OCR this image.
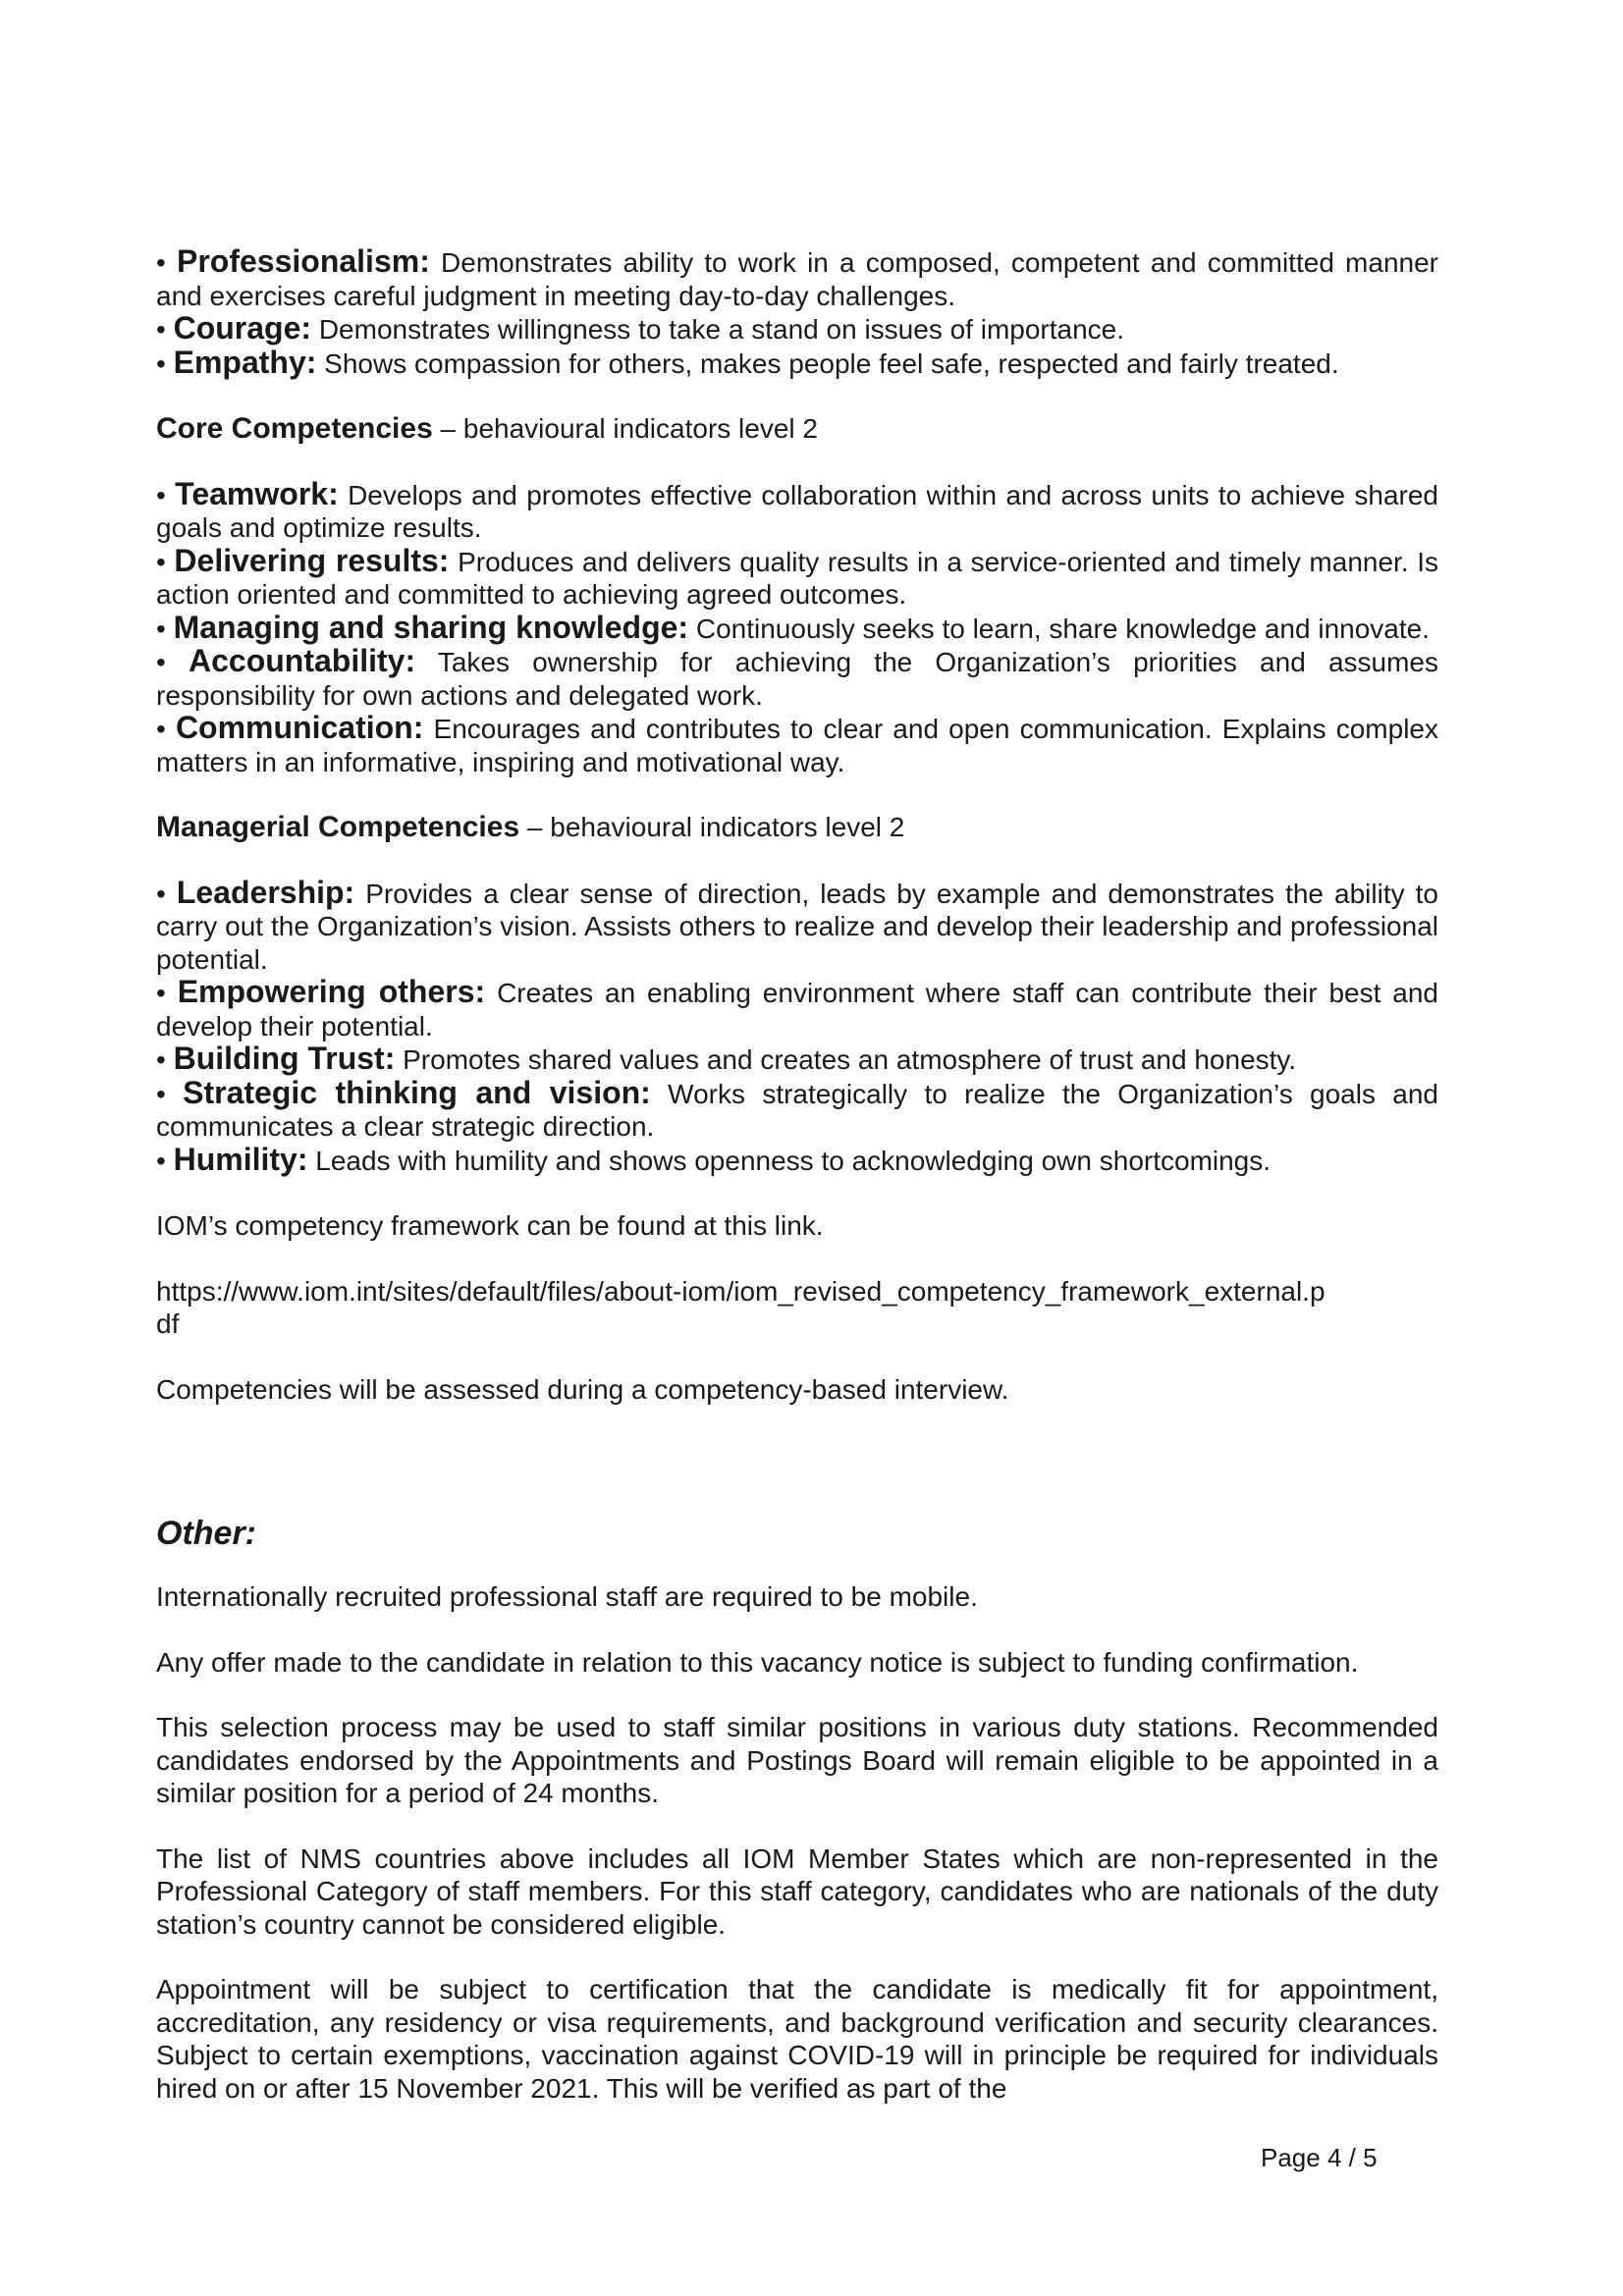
• Professionalism: Demonstrates ability to work in a composed, competent and committed manner and exercises careful judgment in meeting day-to-day challenges.

• Courage: Demonstrates willingness to take a stand on issues of importance.

• Empathy: Shows compassion for others, makes people feel safe, respected and fairly treated.

Core Competencies – behavioural indicators level 2

• Teamwork: Develops and promotes effective collaboration within and across units to achieve shared goals and optimize results.

• Delivering results: Produces and delivers quality results in a service-oriented and timely manner. Is action oriented and committed to achieving agreed outcomes.

• Managing and sharing knowledge: Continuously seeks to learn, share knowledge and innovate.

• Accountability: Takes ownership for achieving the Organization’s priorities and assumes responsibility for own actions and delegated work.

• Communication: Encourages and contributes to clear and open communication. Explains complex matters in an informative, inspiring and motivational way.

Managerial Competencies – behavioural indicators level 2

• Leadership: Provides a clear sense of direction, leads by example and demonstrates the ability to carry out the Organization’s vision. Assists others to realize and develop their leadership and professional potential.

• Empowering others: Creates an enabling environment where staff can contribute their best and develop their potential.

• Building Trust: Promotes shared values and creates an atmosphere of trust and honesty.

• Strategic thinking and vision: Works strategically to realize the Organization’s goals and communicates a clear strategic direction.

• Humility: Leads with humility and shows openness to acknowledging own shortcomings.

IOM’s competency framework can be found at this link.

https://www.iom.int/sites/default/files/about-iom/iom_revised_competency_framework_external.p
df

Competencies will be assessed during a competency-based interview.

Other:

Internationally recruited professional staff are required to be mobile.

Any offer made to the candidate in relation to this vacancy notice is subject to funding confirmation.

This selection process may be used to staff similar positions in various duty stations. Recommended candidates endorsed by the Appointments and Postings Board will remain eligible to be appointed in a similar position for a period of 24 months.

The list of NMS countries above includes all IOM Member States which are non-represented in the Professional Category of staff members. For this staff category, candidates who are nationals of the duty station’s country cannot be considered eligible.

Appointment will be subject to certification that the candidate is medically fit for appointment, accreditation, any residency or visa requirements, and background verification and security clearances. Subject to certain exemptions, vaccination against COVID-19 will in principle be required for individuals hired on or after 15 November 2021. This will be verified as part of the

Page 4 / 5
